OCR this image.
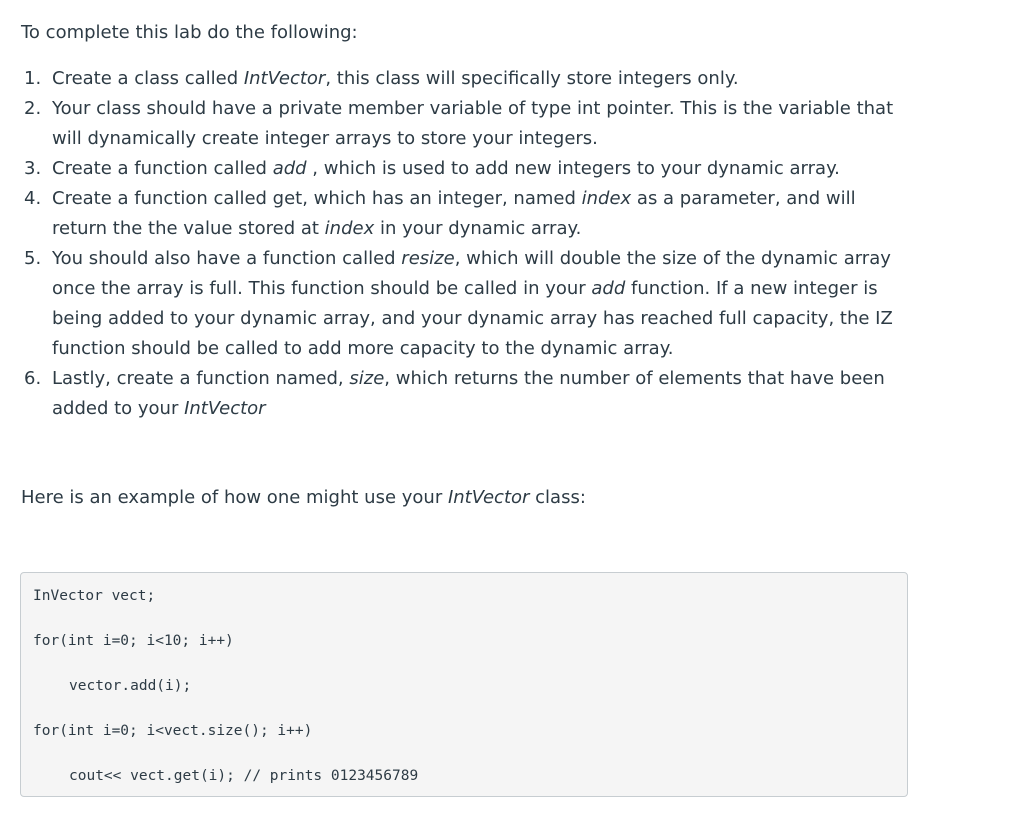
To complete this lab do the following:

1. Create a class called IntVector, this class will specifically store integers only.
2. Your class should have a private member variable of type int pointer. This is the variable that will dynamically create integer arrays to store your integers.
3. Create a function called add , which is used to add new integers to your dynamic array.
4. Create a function called get, which has an integer, named index as a parameter, and will return the the value stored at index in your dynamic array.
5. You should also have a function called resize, which will double the size of the dynamic array once the array is full. This function should be called in your add function. If a new integer is being added to your dynamic array, and your dynamic array has reached full capacity, the IZ function should be called to add more capacity to the dynamic array.
6. Lastly, create a function named, size, which returns the number of elements that have been added to your IntVector

Here is an example of how one might use your IntVector class:

InVector vect;
for(int i=0; i<10; i++)
vector.add(i);
for(int i=0; i<vect.size(); i++)
cout<< vect.get(i); // prints 0123456789
